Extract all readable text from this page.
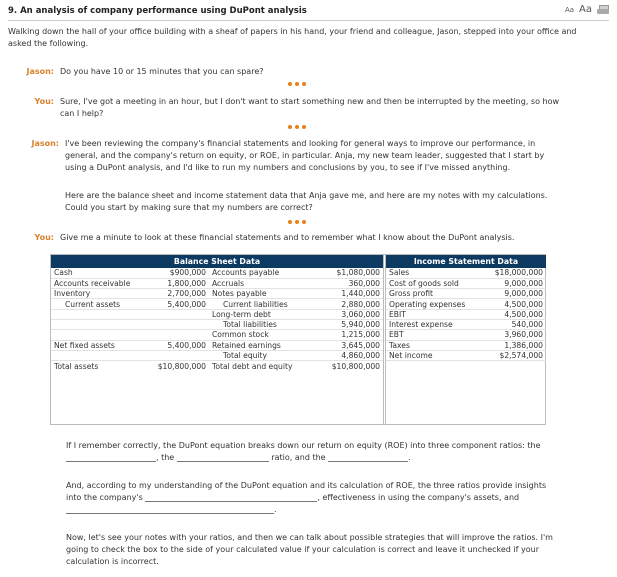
9. An analysis of company performance using DuPont analysis	Aa Aa
Walking down the hall of your office building with a sheaf of papers in his hand, your friend and colleague, Jason, stepped into your office and asked the following.
Jason: Do you have 10 or 15 minutes that you can spare?
You: Sure, I've got a meeting in an hour, but I don't want to start something new and then be interrupted by the meeting, so how can I help?
Jason: I've been reviewing the company's financial statements and looking for general ways to improve our performance, in general, and the company's return on equity, or ROE, in particular. Anja, my new team leader, suggested that I start by using a DuPont analysis, and I'd like to run my numbers and conclusions by you, to see if I've missed anything.
Here are the balance sheet and income statement data that Anja gave me, and here are my notes with my calculations. Could you start by making sure that my numbers are correct?
You: Give me a minute to look at these financial statements and to remember what I know about the DuPont analysis.
Balance Sheet Data			
Cash	$900,000	Accounts payable	$1,080,000
Accounts receivable	1,800,000	Accruals	360,000
Inventory	2,700,000	Notes payable	1,440,000
Current assets	5,400,000	Current liabilities	2,880,000
		Long-term debt	3,060,000
		Total liabilities	5,940,000
		Common stock	1,215,000
Net fixed assets	5,400,000	Retained earnings	3,645,000
		Total equity	4,860,000
Total assets	$10,800,000	Total debt and equity	$10,800,000
Income Statement Data	
Sales	$18,000,000
Cost of goods sold	9,000,000
Gross profit	9,000,000
Operating expenses	4,500,000
EBIT	4,500,000
Interest expense	540,000
EBT	3,960,000
Taxes	1,386,000
Net income	$2,574,000

If I remember correctly, the DuPont equation breaks down our return on equity (ROE) into three component ratios: the , the	ratio, and the	.
And, according to my understanding of the DuPont equation and its calculation of ROE, the three ratios provide insights into the company's	, effectiveness in using the company's assets, and .
Now, let's see your notes with your ratios, and then we can talk about possible strategies that will improve the ratios. I'm going to check the box to the side of your calculated value if your calculation is correct and leave it unchecked if your calculation is incorrect.
